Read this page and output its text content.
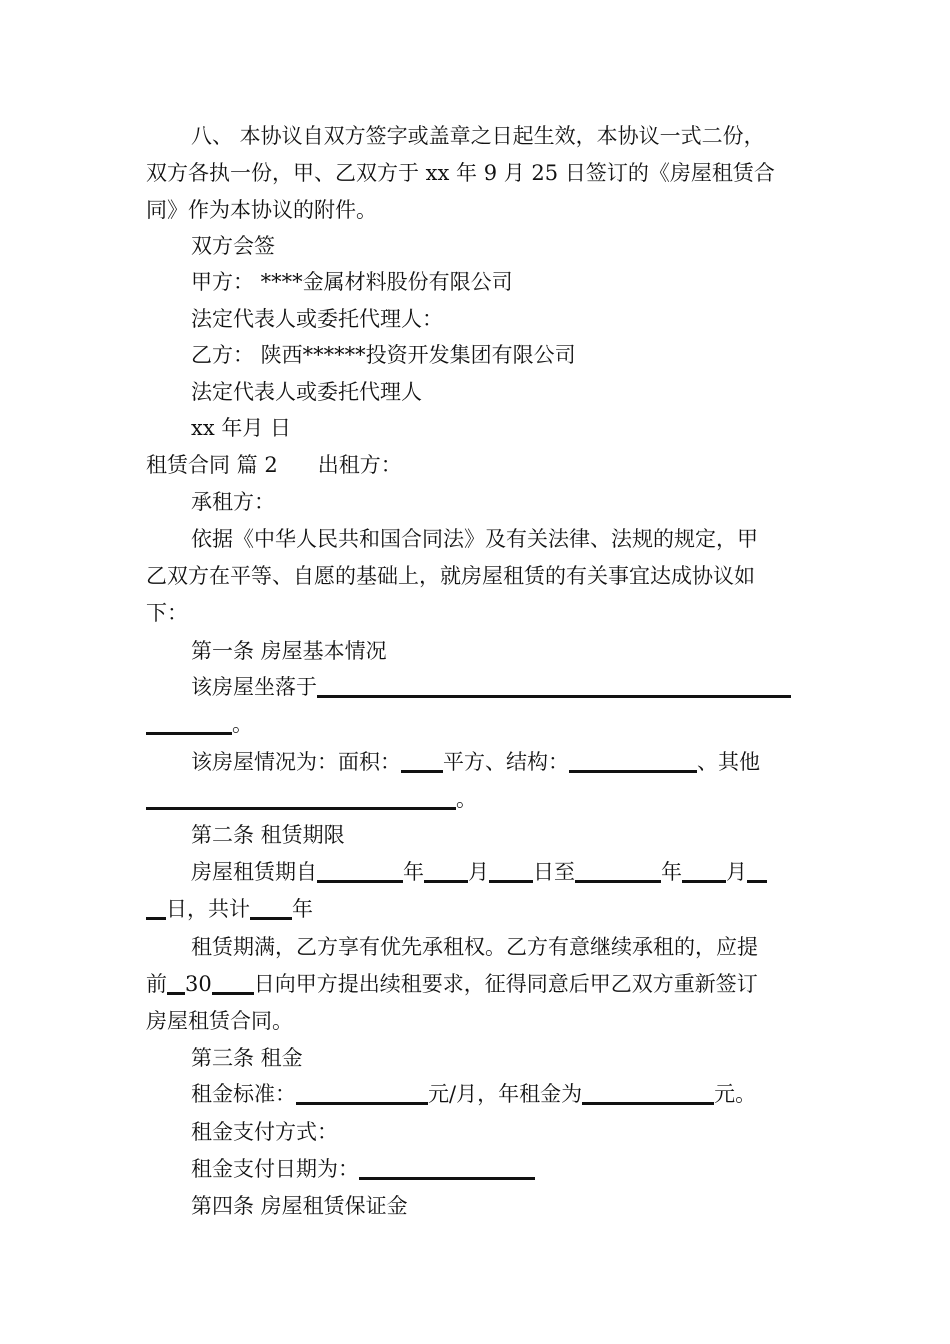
八、 本协议自双方签字或盖章之日起生效，本协议一式二份，
双方各执一份，甲、乙双方于 xx 年 9 月 25 日签订的《房屋租赁合
同》作为本协议的附件。
双方会签
甲方： ****金属材料股份有限公司
法定代表人或委托代理人：
乙方： 陕西******投资开发集团有限公司
法定代表人或委托代理人
xx 年月 日
租赁合同 篇 2 出租方：
承租方：
依据《中华人民共和国合同法》及有关法律、法规的规定，甲
乙双方在平等、自愿的基础上，就房屋租赁的有关事宜达成协议如
下：
第一条 房屋基本情况
该房屋坐落于
。
该房屋情况为：面积： 平方、结构：	、其他
。
第二条 租赁期限
房屋租赁期自	年 月 日至	年 月
日，共计 年
租赁期满，乙方享有优先承租权。乙方有意继续承租的，应提
前 30 日向甲方提出续租要求，征得同意后甲乙双方重新签订
房屋租赁合同。
第三条 租金
租金标准：	元/月，年租金为	元。
租金支付方式：
租金支付日期为：
第四条 房屋租赁保证金
